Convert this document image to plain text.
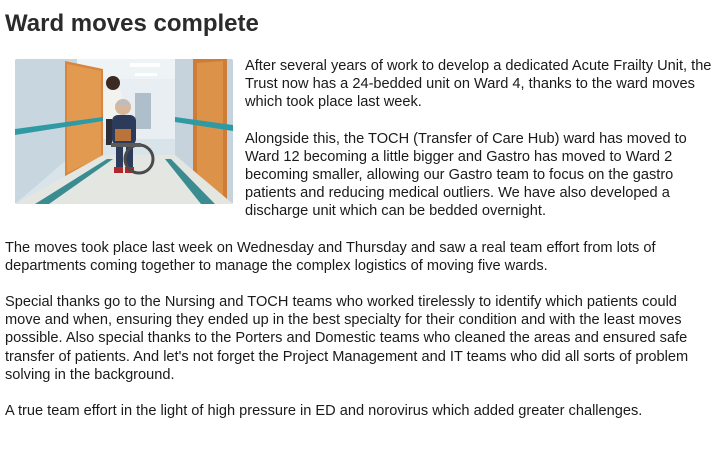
Ward moves complete

After several years of work to develop a dedicated Acute Frailty Unit, the Trust now has a 24-bedded unit on Ward 4, thanks to the ward moves which took place last week.

Alongside this, the TOCH (Transfer of Care Hub) ward has moved to Ward 12 becoming a little bigger and Gastro has moved to Ward 2 becoming smaller, allowing our Gastro team to focus on the gastro patients and reducing medical outliers. We have also developed a discharge unit which can be bedded overnight.

The moves took place last week on Wednesday and Thursday and saw a real team effort from lots of departments coming together to manage the complex logistics of moving five wards.

Special thanks go to the Nursing and TOCH teams who worked tirelessly to identify which patients could move and when, ensuring they ended up in the best specialty for their condition and with the least moves possible. Also special thanks to the Porters and Domestic teams who cleaned the areas and ensured safe transfer of patients. And let's not forget the Project Management and IT teams who did all sorts of problem solving in the background.

A true team effort in the light of high pressure in ED and norovirus which added greater challenges.
